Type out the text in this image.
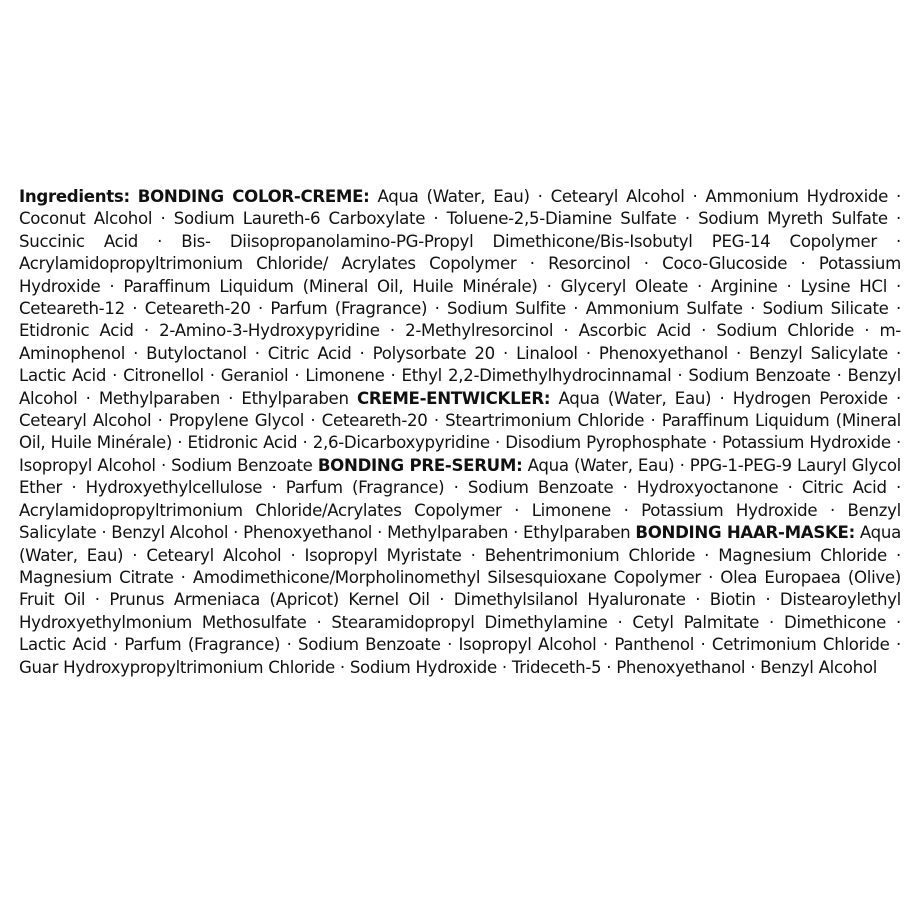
Ingredients: BONDING COLOR-CREME: Aqua (Water, Eau) · Cetearyl Alcohol · Ammonium Hydroxide · Coconut Alcohol · Sodium Laureth-6 Carboxylate · Toluene-2,5-Diamine Sulfate · Sodium Myreth Sulfate · Succinic Acid · Bis- Diisopropanolamino-PG-Propyl Dimethicone/Bis-Isobutyl PEG-14 Copolymer · Acrylamidopropyltrimonium Chloride/ Acrylates Copolymer · Resorcinol · Coco-Glucoside · Potassium Hydroxide · Paraffinum Liquidum (Mineral Oil, Huile Minérale) · Glyceryl Oleate · Arginine · Lysine HCl · Ceteareth-12 · Ceteareth-20 · Parfum (Fragrance) · Sodium Sulfite · Ammonium Sulfate · Sodium Silicate · Etidronic Acid · 2-Amino-3-Hydroxypyridine · 2-Methylresorcinol · Ascorbic Acid · Sodium Chloride · m-Aminophenol · Butyloctanol · Citric Acid · Polysorbate 20 · Linalool · Phenoxyethanol · Benzyl Salicylate · Lactic Acid · Citronellol · Geraniol · Limonene · Ethyl 2,2-Dimethylhydrocinnamal · Sodium Benzoate · Benzyl Alcohol · Methylparaben · Ethylparaben CREME-ENTWICKLER: Aqua (Water, Eau) · Hydrogen Peroxide · Cetearyl Alcohol · Propylene Glycol · Ceteareth-20 · Steartrimonium Chloride · Paraffinum Liquidum (Mineral Oil, Huile Minérale) · Etidronic Acid · 2,6-Dicarboxypyridine · Disodium Pyrophosphate · Potassium Hydroxide · Isopropyl Alcohol · Sodium Benzoate BONDING PRE-SERUM: Aqua (Water, Eau) · PPG-1-PEG-9 Lauryl Glycol Ether · Hydroxyethylcellulose · Parfum (Fragrance) · Sodium Benzoate · Hydroxyoctanone · Citric Acid · Acrylamidopropyltrimonium Chloride/Acrylates Copolymer · Limonene · Potassium Hydroxide · Benzyl Salicylate · Benzyl Alcohol · Phenoxyethanol · Methylparaben · Ethylparaben BONDING HAAR-MASKE: Aqua (Water, Eau) · Cetearyl Alcohol · Isopropyl Myristate · Behentrimonium Chloride · Magnesium Chloride · Magnesium Citrate · Amodimethicone/Morpholinomethyl Silsesquioxane Copolymer · Olea Europaea (Olive) Fruit Oil · Prunus Armeniaca (Apricot) Kernel Oil · Dimethylsilanol Hyaluronate · Biotin · Distearoylethyl Hydroxyethylmonium Methosulfate · Stearamidopropyl Dimethylamine · Cetyl Palmitate · Dimethicone · Lactic Acid · Parfum (Fragrance) · Sodium Benzoate · Isopropyl Alcohol · Panthenol · Cetrimonium Chloride · Guar Hydroxypropyltrimonium Chloride · Sodium Hydroxide · Trideceth-5 · Phenoxyethanol · Benzyl Alcohol
